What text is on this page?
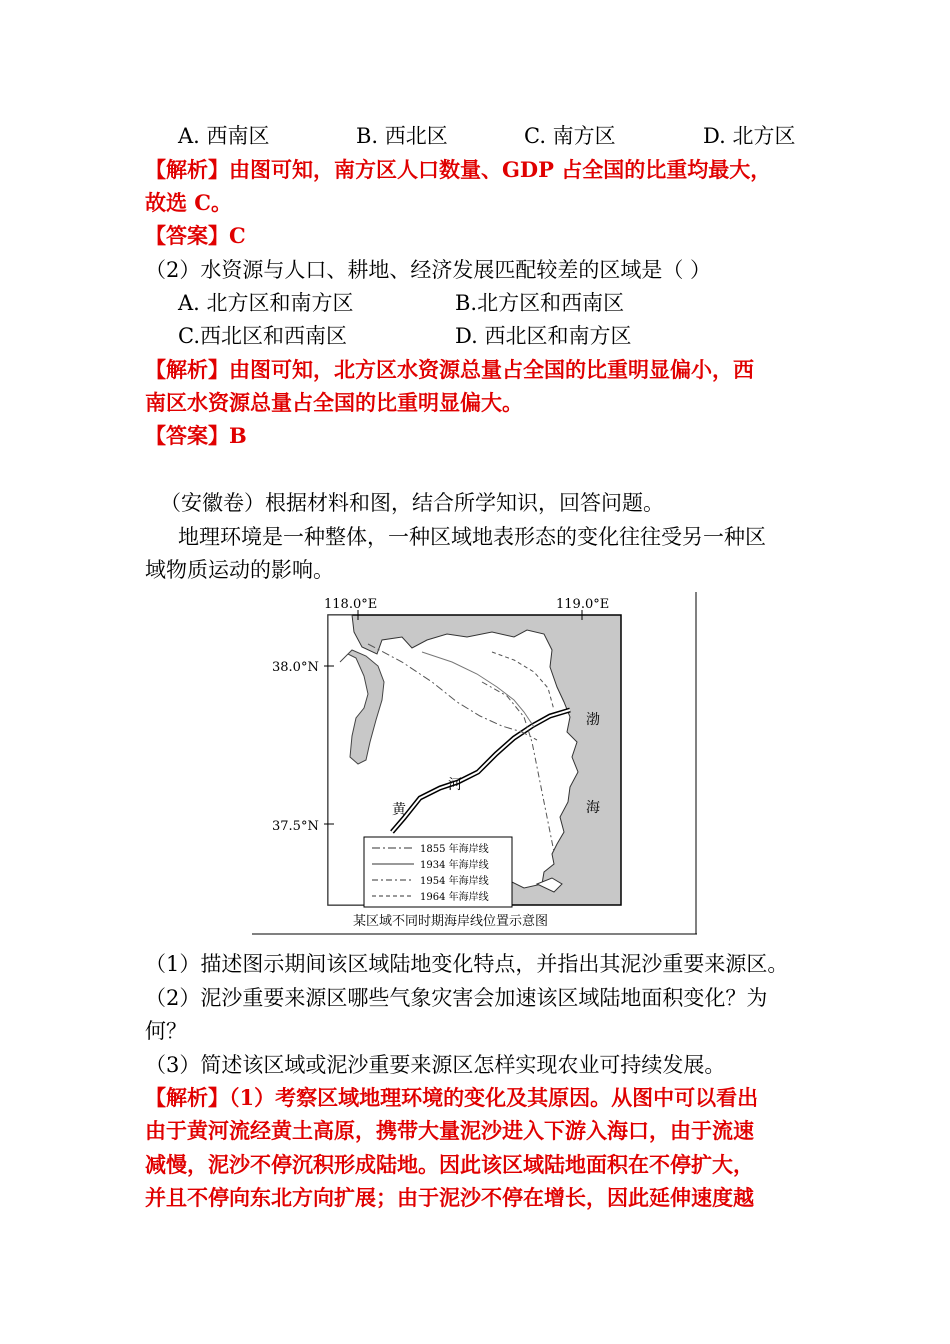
A. 西南区	B. 西北区	C. 南方区	D. 北方区
【解析】由图可知，南方区人口数量、GDP 占全国的比重均最大，
故选 C。
【答案】C
（2）水资源与人口、耕地、经济发展匹配较差的区域是（ ）
A. 北方区和南方区	B.北方区和西南区
C.西北区和西南区	D. 西北区和南方区
【解析】由图可知，北方区水资源总量占全国的比重明显偏小，西
南区水资源总量占全国的比重明显偏大。
【答案】B
（安徽卷）根据材料和图，结合所学知识，回答问题。
地理环境是一种整体，一种区域地表形态的变化往往受另一种区
域物质运动的影响。
118.0°E	119.0°E
38.0°N
37.5°N
渤
海
河
黄
1855 年海岸线
1934 年海岸线
1954 年海岸线
1964 年海岸线
某区域不同时期海岸线位置示意图
（1）描述图示期间该区域陆地变化特点，并指出其泥沙重要来源区。
（2）泥沙重要来源区哪些气象灾害会加速该区域陆地面积变化？为
何？
（3）简述该区域或泥沙重要来源区怎样实现农业可持续发展。
【解析】（1）考察区域地理环境的变化及其原因。从图中可以看出
由于黄河流经黄土高原，携带大量泥沙进入下游入海口，由于流速
减慢，泥沙不停沉积形成陆地。因此该区域陆地面积在不停扩大，
并且不停向东北方向扩展；由于泥沙不停在增长，因此延伸速度越
